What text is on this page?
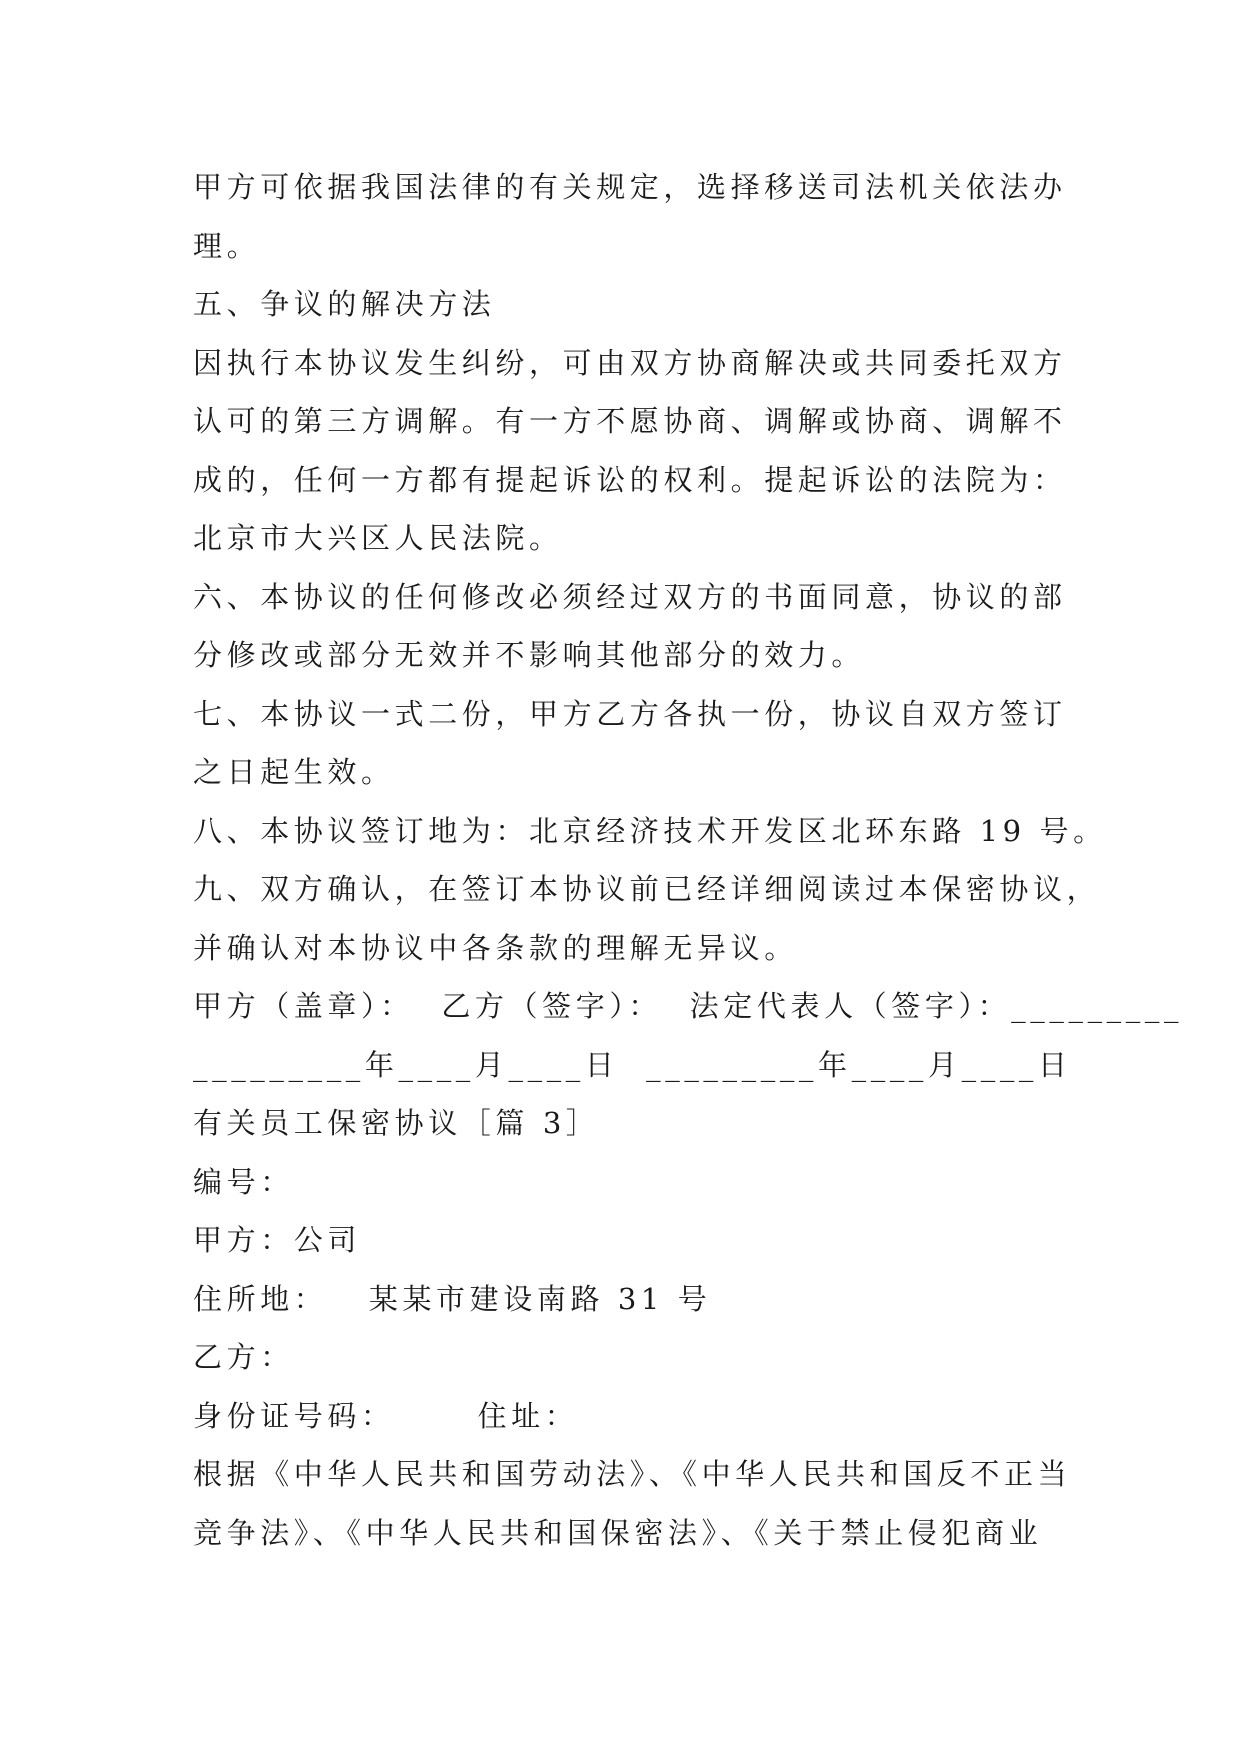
甲方可依据我国法律的有关规定，选择移送司法机关依法办
理。
五、争议的解决方法
因执行本协议发生纠纷，可由双方协商解决或共同委托双方
认可的第三方调解。有一方不愿协商、调解或协商、调解不
成的，任何一方都有提起诉讼的权利。提起诉讼的法院为：
北京市大兴区人民法院。
六、本协议的任何修改必须经过双方的书面同意，协议的部
分修改或部分无效并不影响其他部分的效力。
七、本协议一式二份，甲方乙方各执一份，协议自双方签订
之日起生效。
八、本协议签订地为：北京经济技术开发区北环东路 19 号。
九、双方确认，在签订本协议前已经详细阅读过本保密协议，
并确认对本协议中各条款的理解无异议。
甲方（盖章）：  乙方（签字）：  法定代表人（签字）：_________
_________年____月____日  _________年____月____日
有关员工保密协议［篇 3］
编号：
甲方：公司
住所地：   某某市建设南路 31 号
乙方：
身份证号码：      住址：
根据《中华人民共和国劳动法》、《中华人民共和国反不正当
竞争法》、《中华人民共和国保密法》、《关于禁止侵犯商业
